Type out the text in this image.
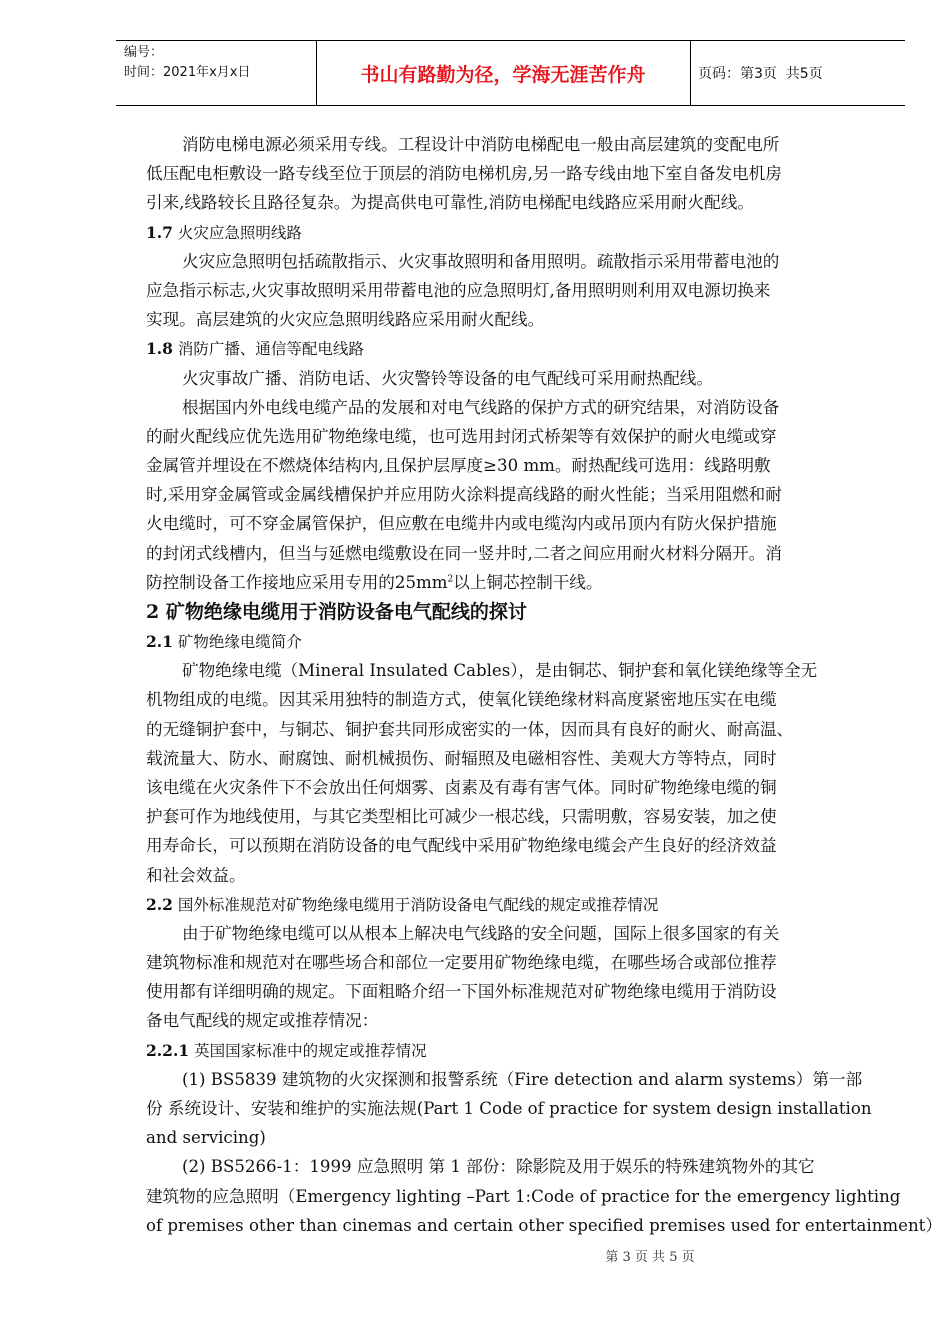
编号：
时间：2021年x月x日	书山有路勤为径，学海无涯苦作舟	页码：第3页  共5页
消防电梯电源必须采用专线。工程设计中消防电梯配电一般由高层建筑的变配电所
低压配电柜敷设一路专线至位于顶层的消防电梯机房,另一路专线由地下室自备发电机房
引来,线路较长且路径复杂。为提高供电可靠性,消防电梯配电线路应采用耐火配线。
1.7 火灾应急照明线路
火灾应急照明包括疏散指示、火灾事故照明和备用照明。疏散指示采用带蓄电池的
应急指示标志,火灾事故照明采用带蓄电池的应急照明灯,备用照明则利用双电源切换来
实现。高层建筑的火灾应急照明线路应采用耐火配线。
1.8 消防广播、通信等配电线路
火灾事故广播、消防电话、火灾警铃等设备的电气配线可采用耐热配线。
根据国内外电线电缆产品的发展和对电气线路的保护方式的研究结果，对消防设备
的耐火配线应优先选用矿物绝缘电缆，也可选用封闭式桥架等有效保护的耐火电缆或穿
金属管并埋设在不燃烧体结构内,且保护层厚度≥30 mm。耐热配线可选用：线路明敷
时,采用穿金属管或金属线槽保护并应用防火涂料提高线路的耐火性能；当采用阻燃和耐
火电缆时，可不穿金属管保护，但应敷在电缆井内或电缆沟内或吊顶内有防火保护措施
的封闭式线槽内，但当与延燃电缆敷设在同一竖井时,二者之间应用耐火材料分隔开。消
防控制设备工作接地应采用专用的$25mm^2$以上铜芯控制干线。
2 矿物绝缘电缆用于消防设备电气配线的探讨
2.1 矿物绝缘电缆简介
矿物绝缘电缆（Mineral Insulated Cables），是由铜芯、铜护套和氧化镁绝缘等全无
机物组成的电缆。因其采用独特的制造方式，使氧化镁绝缘材料高度紧密地压实在电缆
的无缝铜护套中，与铜芯、铜护套共同形成密实的一体，因而具有良好的耐火、耐高温、
载流量大、防水、耐腐蚀、耐机械损伤、耐辐照及电磁相容性、美观大方等特点，同时
该电缆在火灾条件下不会放出任何烟雾、卤素及有毒有害气体。同时矿物绝缘电缆的铜
护套可作为地线使用，与其它类型相比可减少一根芯线，只需明敷，容易安装，加之使
用寿命长，可以预期在消防设备的电气配线中采用矿物绝缘电缆会产生良好的经济效益
和社会效益。
2.2 国外标准规范对矿物绝缘电缆用于消防设备电气配线的规定或推荐情况
由于矿物绝缘电缆可以从根本上解决电气线路的安全问题，国际上很多国家的有关
建筑物标准和规范对在哪些场合和部位一定要用矿物绝缘电缆，在哪些场合或部位推荐
使用都有详细明确的规定。下面粗略介绍一下国外标准规范对矿物绝缘电缆用于消防设
备电气配线的规定或推荐情况：
2.2.1 英国国家标准中的规定或推荐情况
(1) BS5839 建筑物的火灾探测和报警系统（Fire detection and alarm systems）第一部
份 系统设计、安装和维护的实施法规(Part 1 Code of practice for system design installation
and servicing)
(2) BS5266-1：1999 应急照明 第 1 部份：除影院及用于娱乐的特殊建筑物外的其它
建筑物的应急照明（Emergency lighting –Part 1:Code of practice for the emergency lighting
of premises other than cinemas and certain other specified premises used for entertainment）
第 3 页 共 5 页
